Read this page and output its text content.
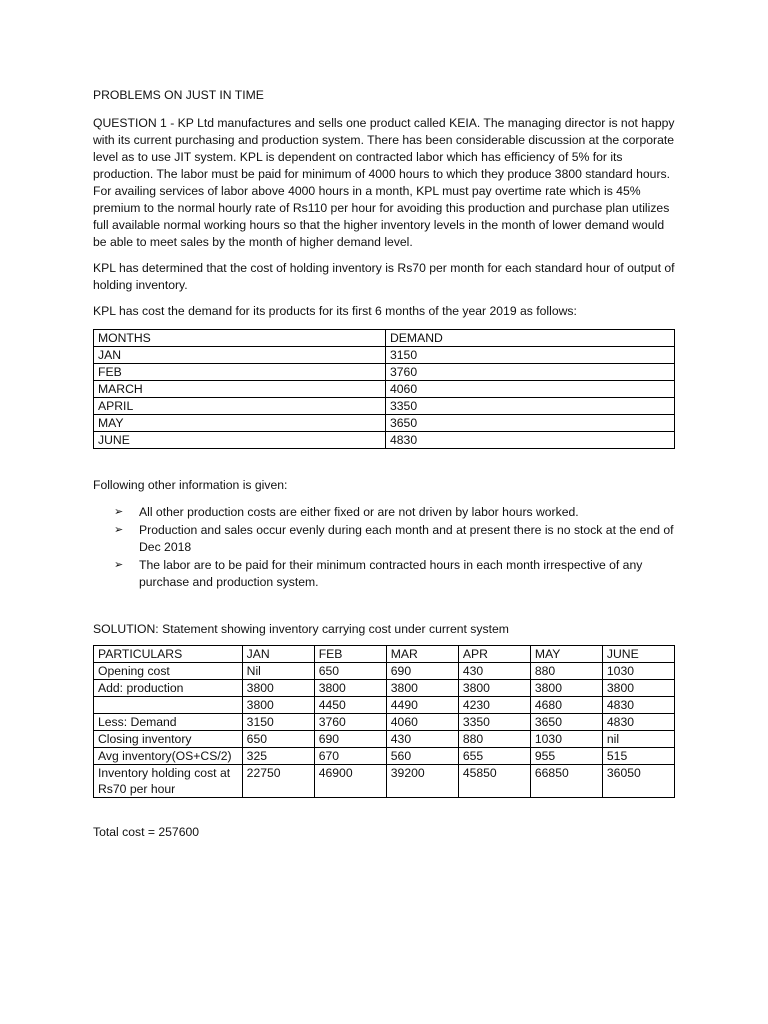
PROBLEMS ON JUST IN TIME

QUESTION 1 - KP Ltd manufactures and sells one product called KEIA. The managing director is not happy with its current purchasing and production system. There has been considerable discussion at the corporate level as to use JIT system. KPL is dependent on contracted labor which has efficiency of 5% for its production. The labor must be paid for minimum of 4000 hours to which they produce 3800 standard hours. For availing services of labor above 4000 hours in a month, KPL must pay overtime rate which is 45% premium to the normal hourly rate of Rs110 per hour for avoiding this production and purchase plan utilizes full available normal working hours so that the higher inventory levels in the month of lower demand would be able to meet sales by the month of higher demand level.

KPL has determined that the cost of holding inventory is Rs70 per month for each standard hour of output of holding inventory.

KPL has cost the demand for its products for its first 6 months of the year 2019 as follows:

MONTHS	DEMAND
JAN	3150
FEB	3760
MARCH	4060
APRIL	3350
MAY	3650
JUNE	4830

Following other information is given:

➢ All other production costs are either fixed or are not driven by labor hours worked.
➢ Production and sales occur evenly during each month and at present there is no stock at the end of Dec 2018
➢ The labor are to be paid for their minimum contracted hours in each month irrespective of any purchase and production system.

SOLUTION: Statement showing inventory carrying cost under current system

PARTICULARS	JAN	FEB	MAR	APR	MAY	JUNE
Opening cost	Nil	650	690	430	880	1030
Add: production	3800	3800	3800	3800	3800	3800
	3800	4450	4490	4230	4680	4830
Less: Demand	3150	3760	4060	3350	3650	4830
Closing inventory	650	690	430	880	1030	nil
Avg inventory(OS+CS/2)	325	670	560	655	955	515
Inventory holding cost at Rs70 per hour	22750	46900	39200	45850	66850	36050

Total cost = 257600
